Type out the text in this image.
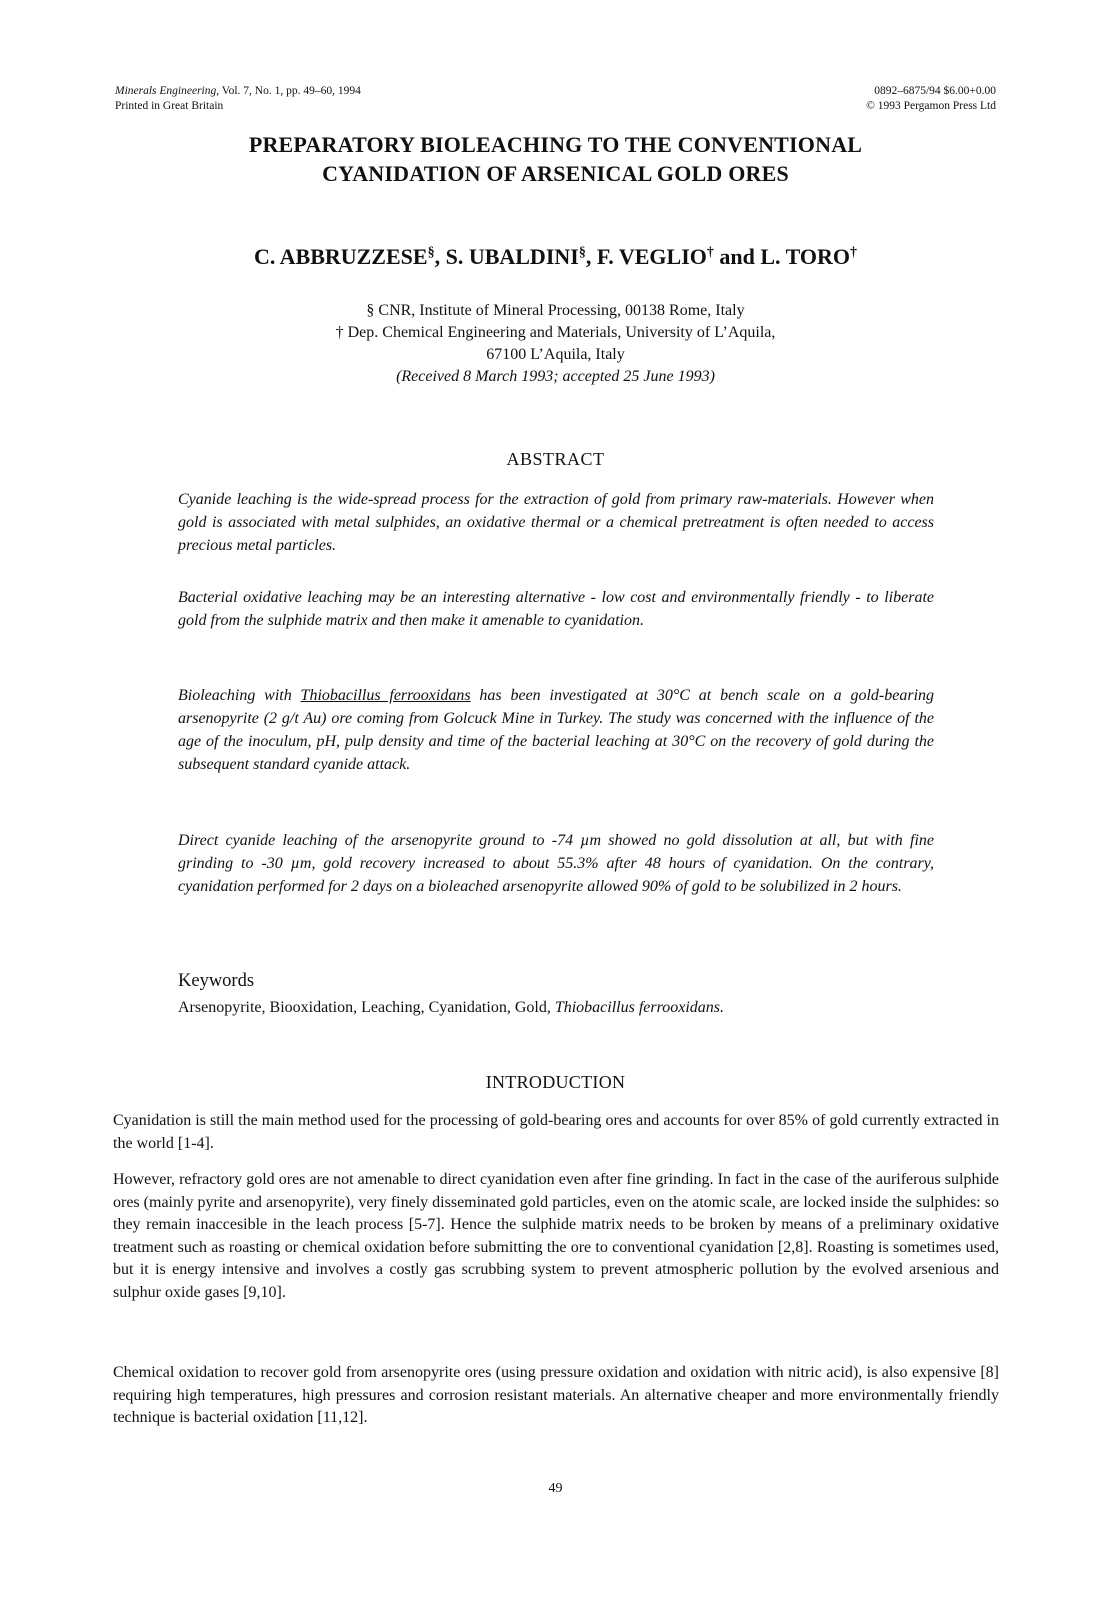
Minerals Engineering, Vol. 7, No. 1, pp. 49–60, 1994
Printed in Great Britain
0892–6875/94 $6.00+0.00
© 1993 Pergamon Press Ltd
PREPARATORY BIOLEACHING TO THE CONVENTIONAL
CYANIDATION OF ARSENICAL GOLD ORES
C. ABBRUZZESE§, S. UBALDINI§, F. VEGLIO† and L. TORO†
§ CNR, Institute of Mineral Processing, 00138 Rome, Italy
† Dep. Chemical Engineering and Materials, University of L’Aquila,
67100 L’Aquila, Italy
(Received 8 March 1993; accepted 25 June 1993)
ABSTRACT

Cyanide leaching is the wide-spread process for the extraction of gold from primary raw-materials. However when gold is associated with metal sulphides, an oxidative thermal or a chemical pretreatment is often needed to access precious metal particles.

Bacterial oxidative leaching may be an interesting alternative - low cost and environmentally friendly - to liberate gold from the sulphide matrix and then make it amenable to cyanidation.

Bioleaching with Thiobacillus ferrooxidans has been investigated at 30°C at bench scale on a gold-bearing arsenopyrite (2 g/t Au) ore coming from Golcuck Mine in Turkey. The study was concerned with the influence of the age of the inoculum, pH, pulp density and time of the bacterial leaching at 30°C on the recovery of gold during the subsequent standard cyanide attack.

Direct cyanide leaching of the arsenopyrite ground to -74 µm showed no gold dissolution at all, but with fine grinding to -30 µm, gold recovery increased to about 55.3% after 48 hours of cyanidation. On the contrary, cyanidation performed for 2 days on a bioleached arsenopyrite allowed 90% of gold to be solubilized in 2 hours.

Keywords
Arsenopyrite, Biooxidation, Leaching, Cyanidation, Gold, Thiobacillus ferrooxidans.
INTRODUCTION

Cyanidation is still the main method used for the processing of gold-bearing ores and accounts for over 85% of gold currently extracted in the world [1-4].

However, refractory gold ores are not amenable to direct cyanidation even after fine grinding. In fact in the case of the auriferous sulphide ores (mainly pyrite and arsenopyrite), very finely disseminated gold particles, even on the atomic scale, are locked inside the sulphides: so they remain inaccesible in the leach process [5-7]. Hence the sulphide matrix needs to be broken by means of a preliminary oxidative treatment such as roasting or chemical oxidation before submitting the ore to conventional cyanidation [2,8]. Roasting is sometimes used, but it is energy intensive and involves a costly gas scrubbing system to prevent atmospheric pollution by the evolved arsenious and sulphur oxide gases [9,10].

Chemical oxidation to recover gold from arsenopyrite ores (using pressure oxidation and oxidation with nitric acid), is also expensive [8] requiring high temperatures, high pressures and corrosion resistant materials. An alternative cheaper and more environmentally friendly technique is bacterial oxidation [11,12].

49
